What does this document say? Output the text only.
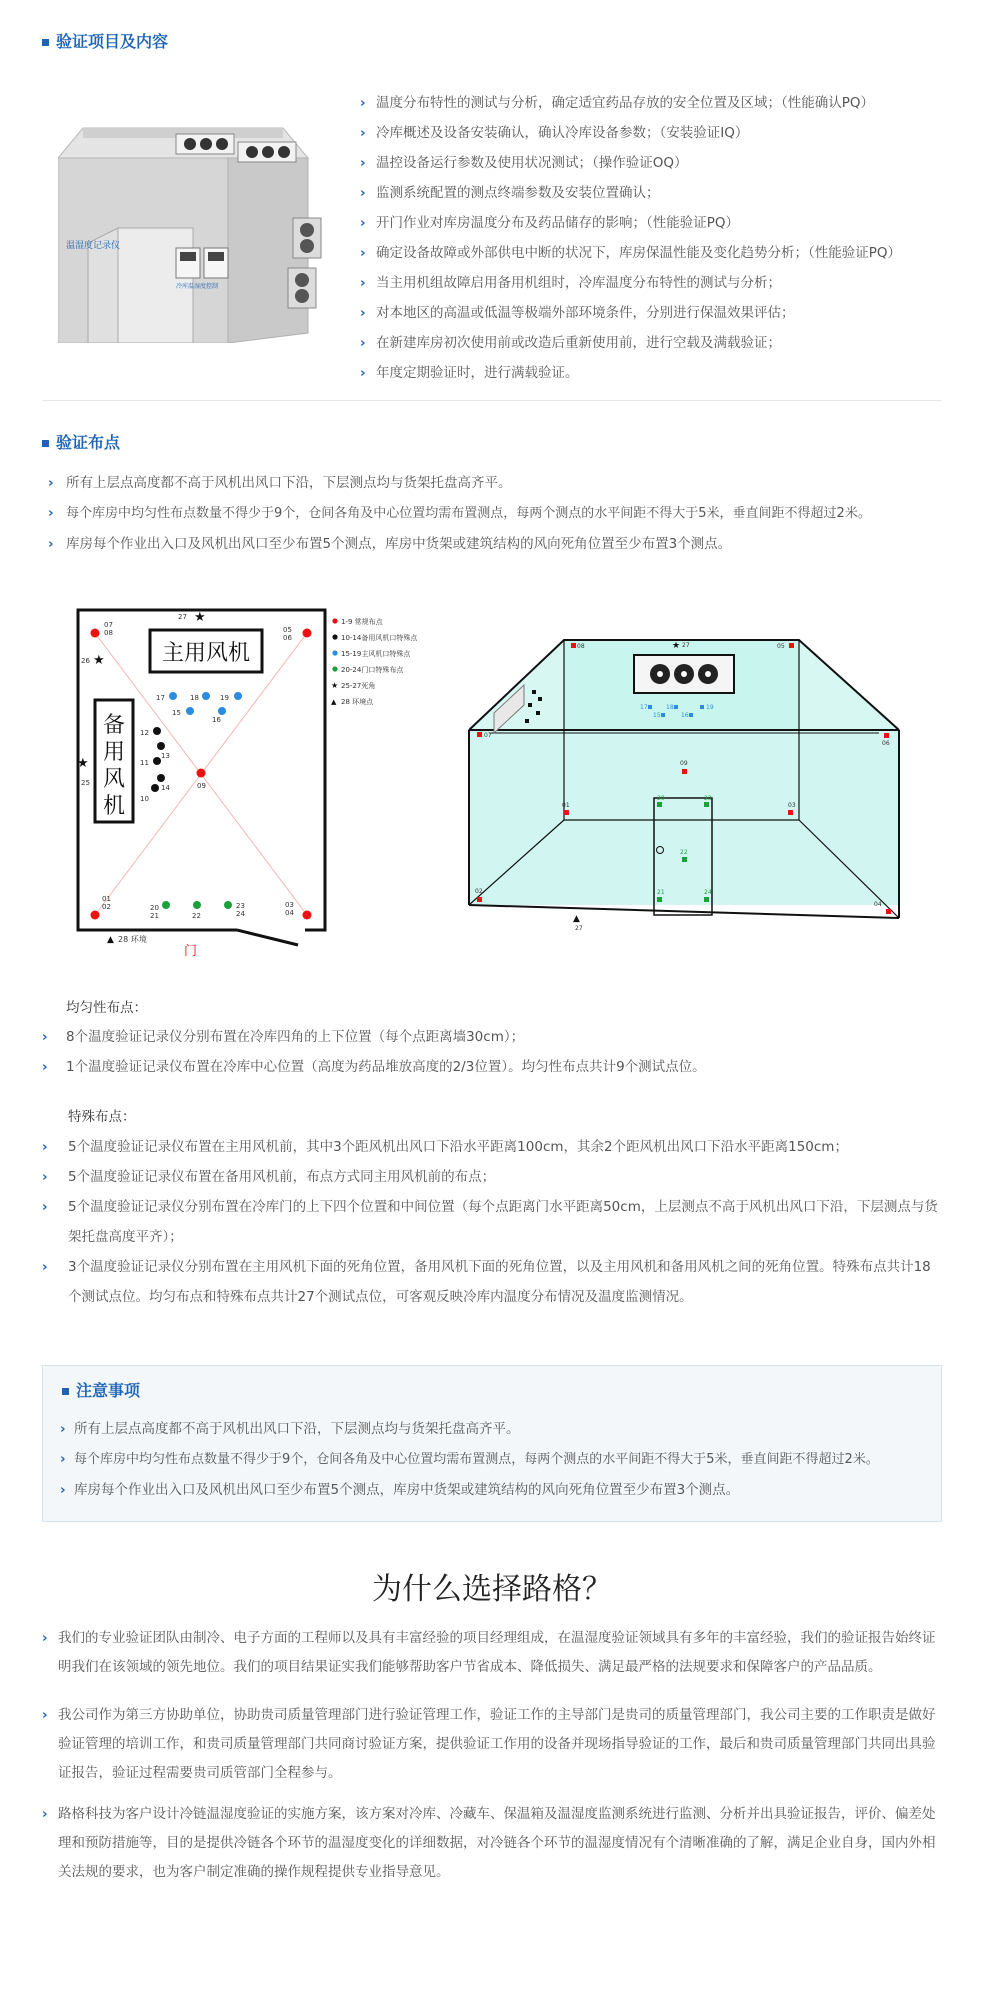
验证项目及内容
冷库温湿度控制
温湿度记录仪
› 温度分布特性的测试与分析，确定适宜药品存放的安全位置及区域；（性能确认PQ）
› 冷库概述及设备安装确认，确认冷库设备参数；（安装验证IQ）
› 温控设备运行参数及使用状况测试；（操作验证OQ）
› 监测系统配置的测点终端参数及安装位置确认；
› 开门作业对库房温度分布及药品储存的影响；（性能验证PQ）
› 确定设备故障或外部供电中断的状况下，库房保温性能及变化趋势分析；（性能验证PQ）
› 当主用机组故障启用备用机组时，冷库温度分布特性的测试与分析；
› 对本地区的高温或低温等极端外部环境条件，分别进行保温效果评估；
› 在新建库房初次使用前或改造后重新使用前，进行空载及满载验证；
› 年度定期验证时，进行满载验证。
验证布点
› 所有上层点高度都不高于风机出风口下沿，下层测点均与货架托盘高齐平。
› 每个库房中均匀性布点数量不得少于9个，仓间各角及中心位置均需布置测点，每两个测点的水平间距不得大于5米，垂直间距不得超过2米。
› 库房每个作业出入口及风机出风口至少布置5个测点，库房中货架或建筑结构的风向死角位置至少布置3个测点。
主用风机
备
用
风
机
07
08	05
06
01
02	03
04
09
★
27
★
26
★
25
17	18	19
15
16
12
13
11
14
10
20
21	22
23
24
▲ 28 环境
门
1-9 常规布点
10-14备用风机口特殊点
15-19主风机口特殊点
20-24门口特殊布点
★ 25-27死角
▲ 28 环境点
★ 27
08
07
05
06
17	18	19
15	16
01	03
09
02
04
20	23
22
21	24
▲
27
均匀性布点：
› 8个温度验证记录仪分别布置在冷库四角的上下位置（每个点距离墙30cm）；
› 1个温度验证记录仪布置在冷库中心位置（高度为药品堆放高度的2/3位置）。均匀性布点共计9个测试点位。
特殊布点：
› 5个温度验证记录仪布置在主用风机前，其中3个距风机出风口下沿水平距离100cm，其余2个距风机出风口下沿水平距离150cm；
› 5个温度验证记录仪布置在备用风机前，布点方式同主用风机前的布点；
› 5个温度验证记录仪分别布置在冷库门的上下四个位置和中间位置（每个点距离门水平距离50cm，上层测点不高于风机出风口下沿，下层测点与货架托盘高度平齐）；
› 3个温度验证记录仪分别布置在主用风机下面的死角位置，备用风机下面的死角位置，以及主用风机和备用风机之间的死角位置。特殊布点共计18个测试点位。均匀布点和特殊布点共计27个测试点位，可客观反映冷库内温度分布情况及温度监测情况。
注意事项
› 所有上层点高度都不高于风机出风口下沿，下层测点均与货架托盘高齐平。
› 每个库房中均匀性布点数量不得少于9个，仓间各角及中心位置均需布置测点，每两个测点的水平间距不得大于5米，垂直间距不得超过2米。
› 库房每个作业出入口及风机出风口至少布置5个测点，库房中货架或建筑结构的风向死角位置至少布置3个测点。
为什么选择路格？
› 我们的专业验证团队由制冷、电子方面的工程师以及具有丰富经验的项目经理组成，在温湿度验证领域具有多年的丰富经验，我们的验证报告始终证明我们在该领域的领先地位。我们的项目结果证实我们能够帮助客户节省成本、降低损失、满足最严格的法规要求和保障客户的产品品质。
› 我公司作为第三方协助单位，协助贵司质量管理部门进行验证管理工作，验证工作的主导部门是贵司的质量管理部门，我公司主要的工作职责是做好验证管理的培训工作，和贵司质量管理部门共同商讨验证方案，提供验证工作用的设备并现场指导验证的工作，最后和贵司质量管理部门共同出具验证报告，验证过程需要贵司质管部门全程参与。
› 路格科技为客户设计冷链温湿度验证的实施方案，该方案对冷库、冷藏车、保温箱及温湿度监测系统进行监测、分析并出具验证报告，评价、偏差处理和预防措施等，目的是提供冷链各个环节的温湿度变化的详细数据，对冷链各个环节的温湿度情况有个清晰准确的了解，满足企业自身，国内外相关法规的要求，也为客户制定准确的操作规程提供专业指导意见。
